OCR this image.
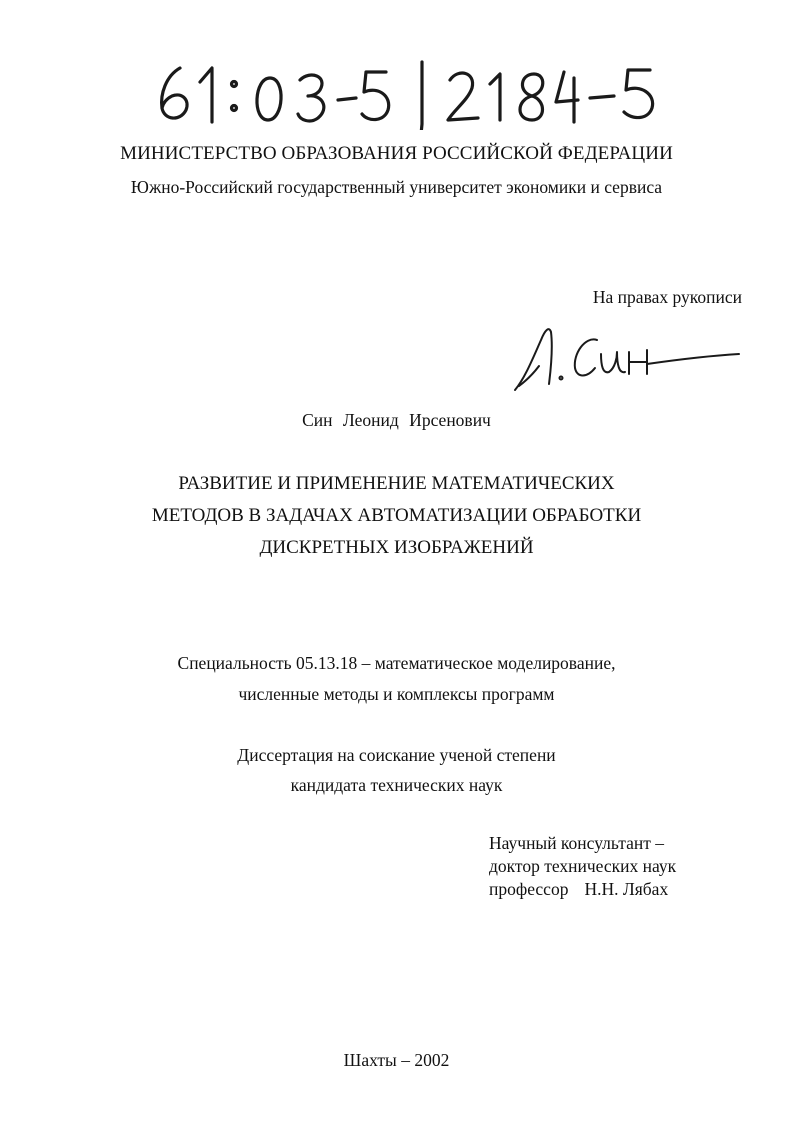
МИНИСТЕРСТВО ОБРАЗОВАНИЯ РОССИЙСКОЙ ФЕДЕРАЦИИ
Южно-Российский государственный университет экономики и сервиса
На правах рукописи
Син Леонид Ирсенович
РАЗВИТИЕ И ПРИМЕНЕНИЕ МАТЕМАТИЧЕСКИХ
МЕТОДОВ В ЗАДАЧАХ АВТОМАТИЗАЦИИ ОБРАБОТКИ
ДИСКРЕТНЫХ ИЗОБРАЖЕНИЙ
Специальность 05.13.18 – математическое моделирование,
численные методы и комплексы программ
Диссертация на соискание ученой степени
кандидата технических наук
Научный консультант –
доктор технических наук
профессор Н.Н. Лябах
Шахты – 2002
